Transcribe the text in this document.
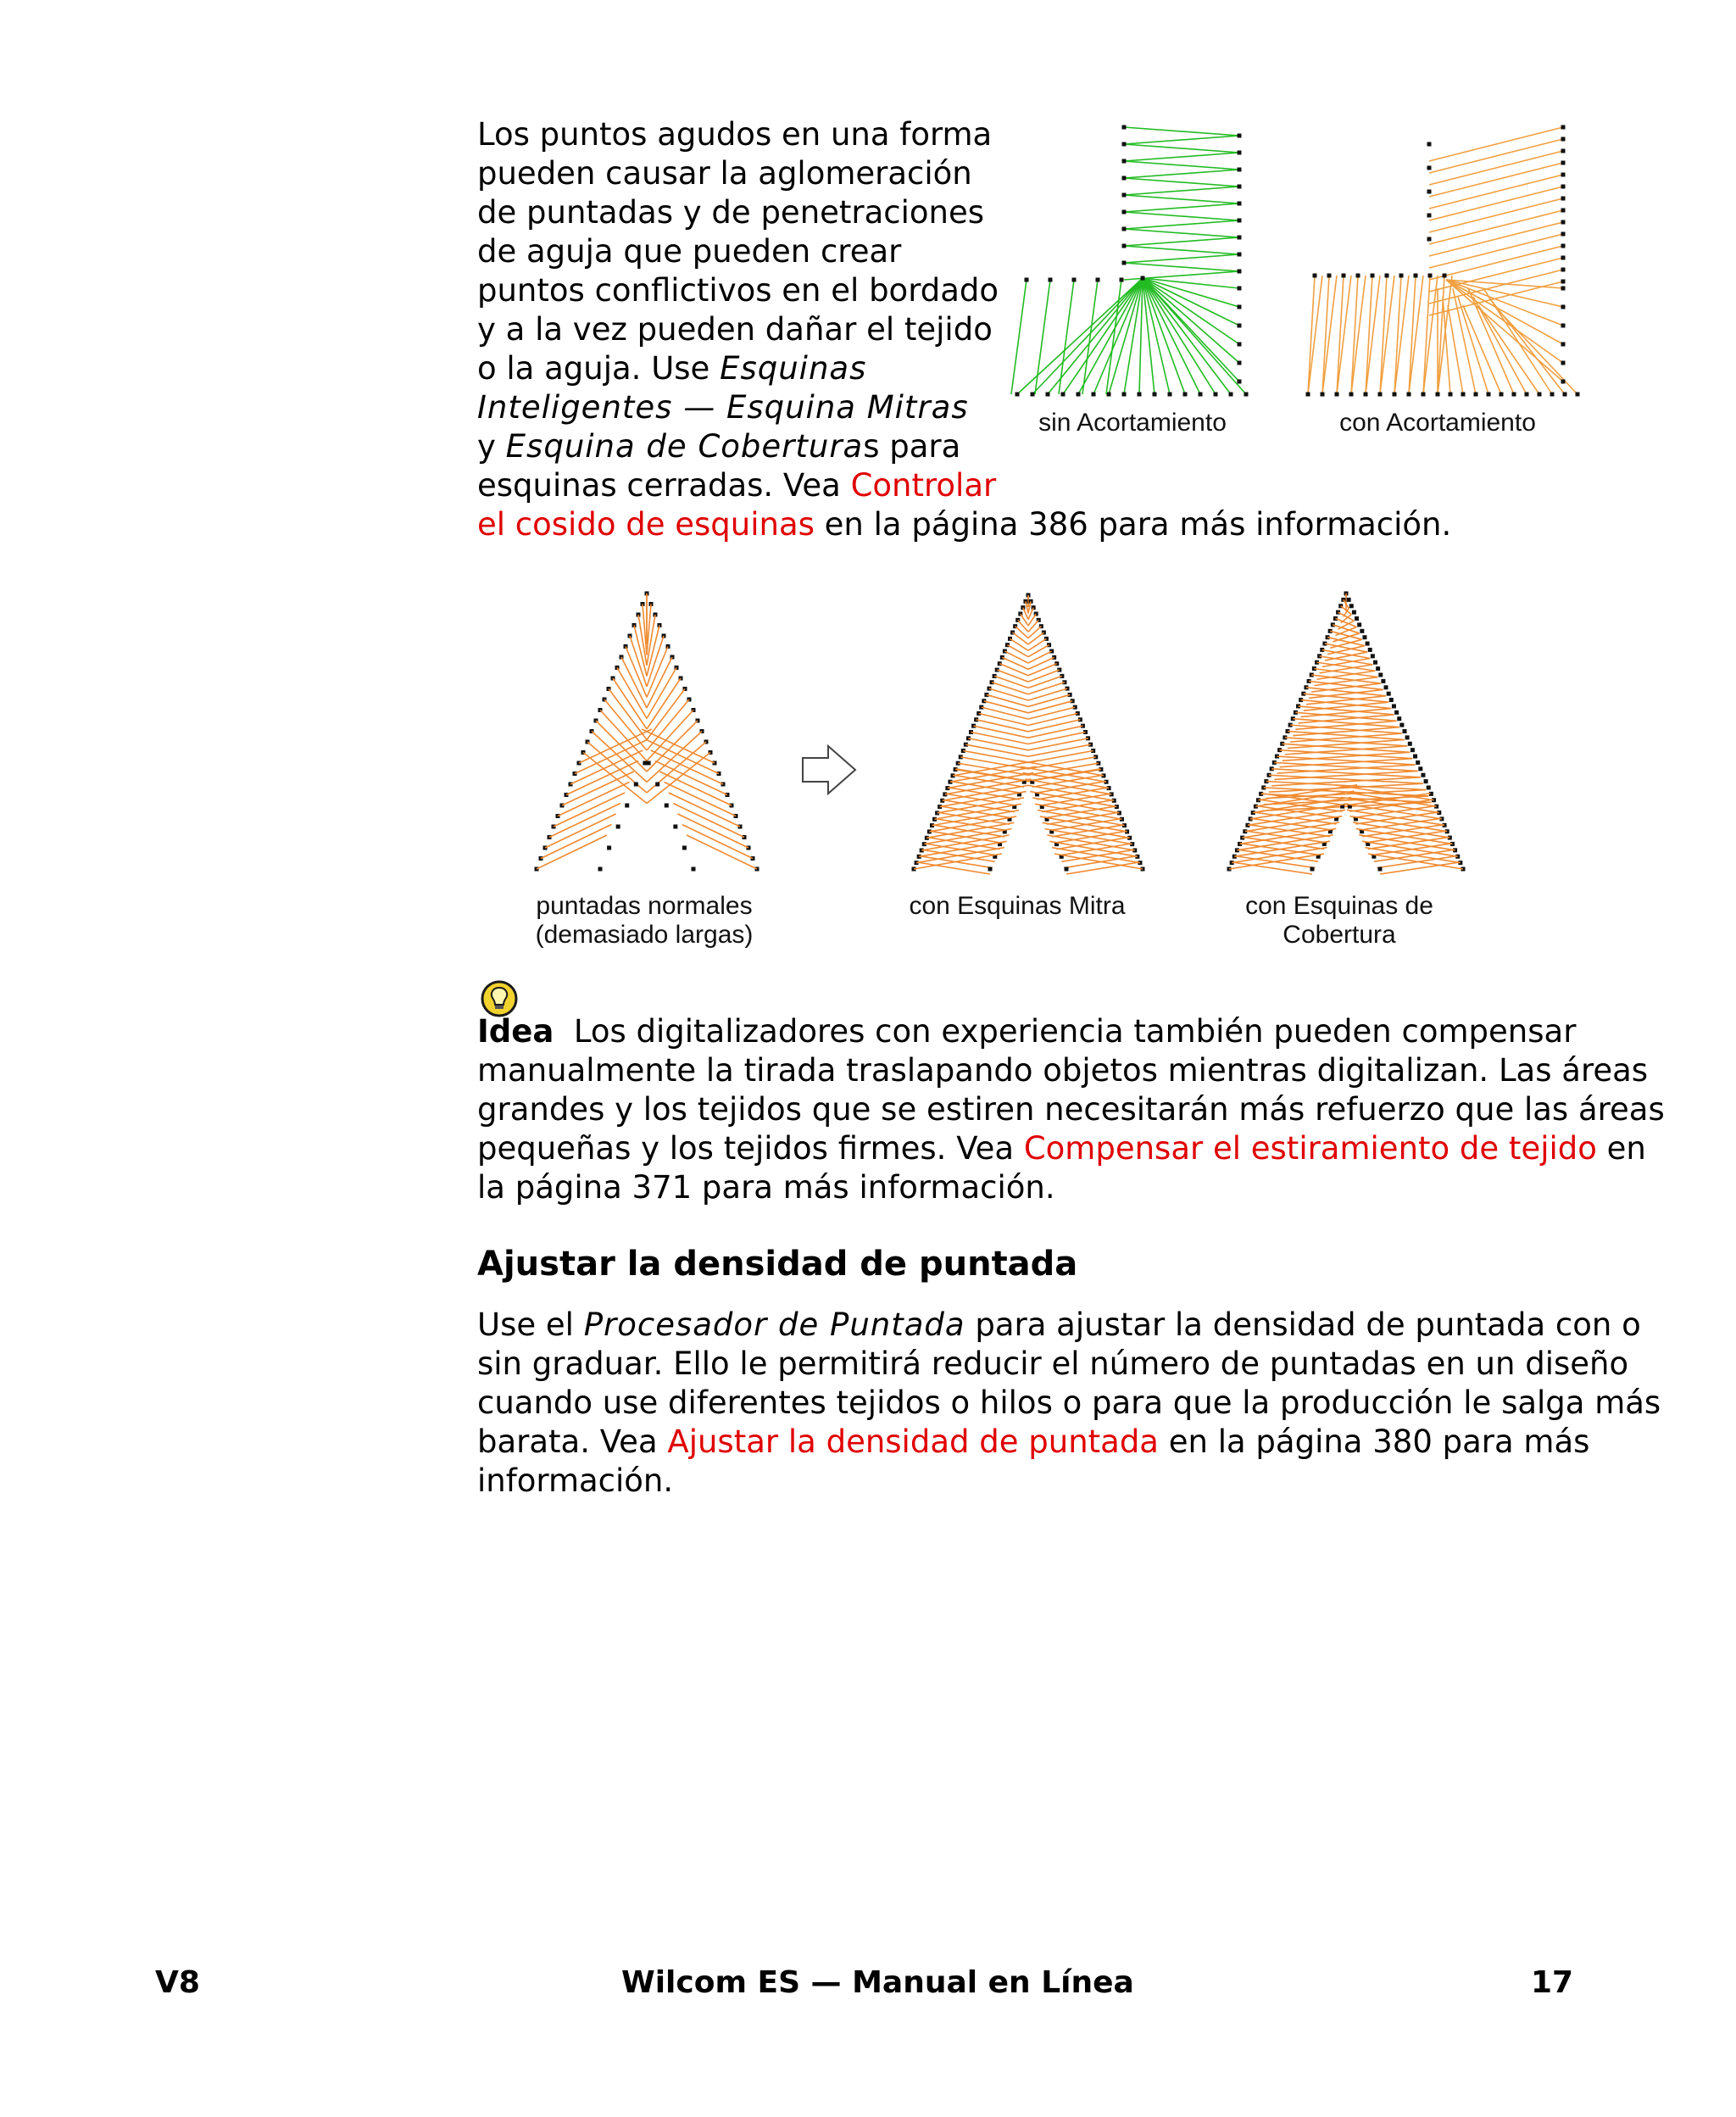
Los puntos agudos en una forma
pueden causar la aglomeración
de puntadas y de penetraciones
de aguja que pueden crear
puntos conflictivos en el bordado
y a la vez pueden dañar el tejido
o la aguja. Use Esquinas
Inteligentes — Esquina Mitras
y Esquina de Coberturas para
esquinas cerradas. Vea Controlar
el cosido de esquinas en la página 386 para más información.
sin Acortamiento	con Acortamiento
puntadas normales
(demasiado largas)
con Esquinas Mitra	con Esquinas de
Cobertura
Idea  Los digitalizadores con experiencia también pueden compensar
manualmente la tirada traslapando objetos mientras digitalizan. Las áreas
grandes y los tejidos que se estiren necesitarán más refuerzo que las áreas
pequeñas y los tejidos firmes. Vea Compensar el estiramiento de tejido en
la página 371 para más información.
Ajustar la densidad de puntada
Use el Procesador de Puntada para ajustar la densidad de puntada con o
sin graduar. Ello le permitirá reducir el número de puntadas en un diseño
cuando use diferentes tejidos o hilos o para que la producción le salga más
barata. Vea Ajustar la densidad de puntada en la página 380 para más
información.
V8	Wilcom ES — Manual en Línea	17
